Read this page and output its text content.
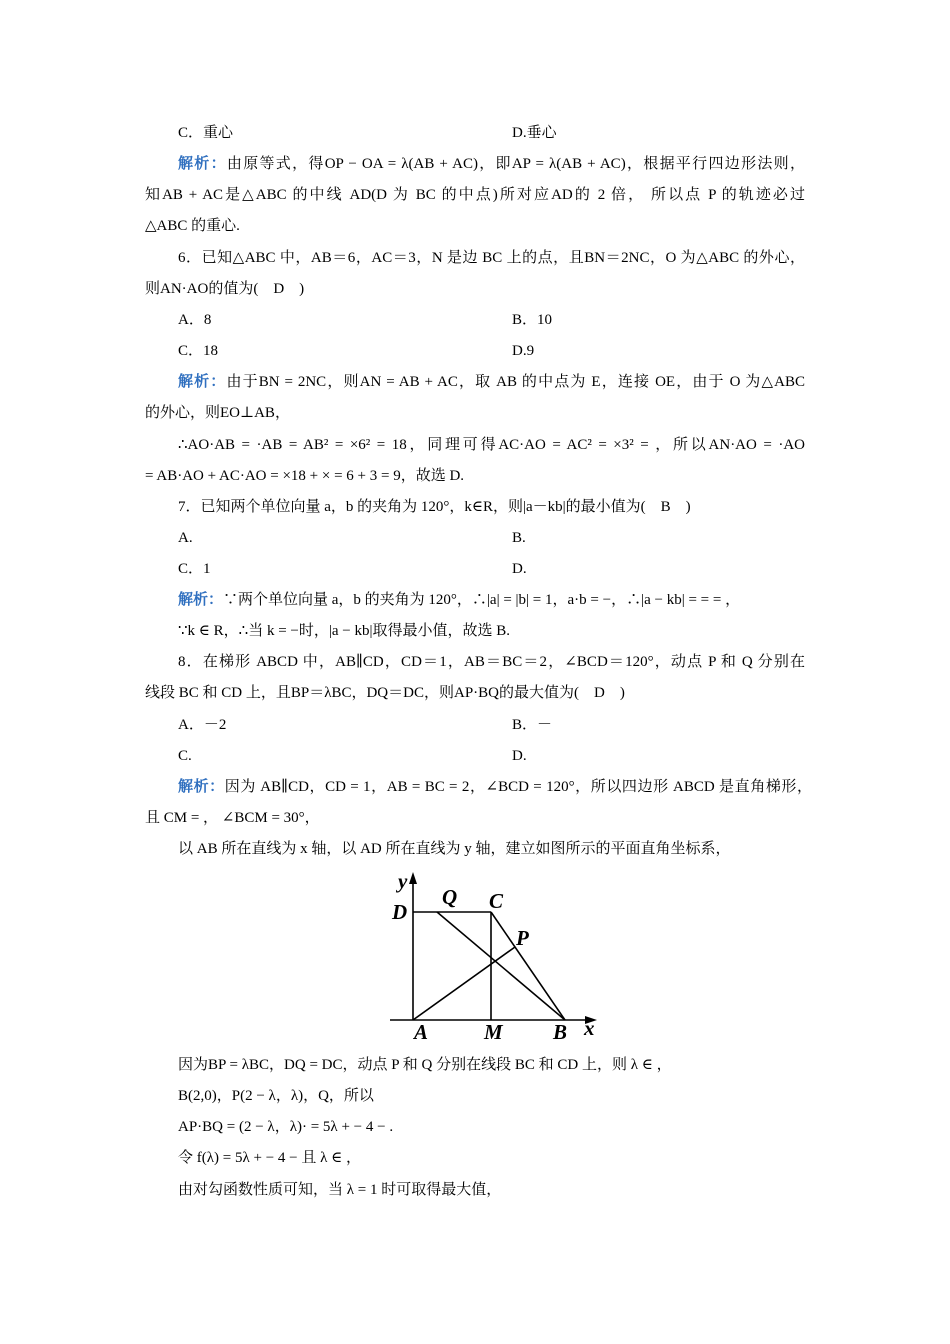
C．重心	D.垂心
解析：由原等式，得OP − OA = λ(AB + AC)，即AP = λ(AB + AC)，根据平行四边形法则，
知AB + AC是△ABC 的中线 AD(D 为 BC 的中点)所对应AD的 2 倍， 所以点 P 的轨迹必过
△ABC 的重心.
6．已知△ABC 中，AB＝6，AC＝3，N 是边 BC 上的点，且BN＝2NC，O 为△ABC 的外心，
则AN·AO的值为(　D　)
A．8	B．10
C．18	D.9
解析：由于BN = 2NC，则AN = AB + AC，取 AB 的中点为 E，连接 OE，由于 O 为△ABC
的外心，则EO⊥AB，
∴AO·AB = ·AB = AB² = ×6² = 18，同理可得AC·AO = AC² = ×3² = ，所以AN·AO = ·AO
= AB·AO + AC·AO = ×18 + × = 6 + 3 = 9，故选 D.
7．已知两个单位向量 a，b 的夹角为 120°，k∈R，则|a－kb|的最小值为(　B　)
A.	B.
C．1	D.
解析：∵两个单位向量 a，b 的夹角为 120°，∴|a| = |b| = 1，a·b = −，∴|a − kb| = = = ，
∵k ∈ R，∴当 k = −时，|a − kb|取得最小值，故选 B.
8．在梯形 ABCD 中，AB∥CD，CD＝1，AB＝BC＝2，∠BCD＝120°，动点 P 和 Q 分别在
线段 BC 和 CD 上，且BP＝λBC，DQ＝DC，则AP·BQ的最大值为(　D　)
A．－2	B．－
C.	D.
解析：因为 AB∥CD，CD = 1，AB = BC = 2，∠BCD = 120°，所以四边形 ABCD 是直角梯形，
且 CM = ， ∠BCM = 30°，
以 AB 所在直线为 x 轴，以 AD 所在直线为 y 轴，建立如图所示的平面直角坐标系，
y
D
Q C
P
A	M B x
因为BP = λBC，DQ = DC，动点 P 和 Q 分别在线段 BC 和 CD 上，则 λ ∈ ，
B(2,0)，P(2 − λ，λ)，Q，所以
AP·BQ = (2 − λ，λ)· = 5λ + − 4 − .
令 f(λ) = 5λ + − 4 − 且 λ ∈ ，
由对勾函数性质可知，当 λ = 1 时可取得最大值，
